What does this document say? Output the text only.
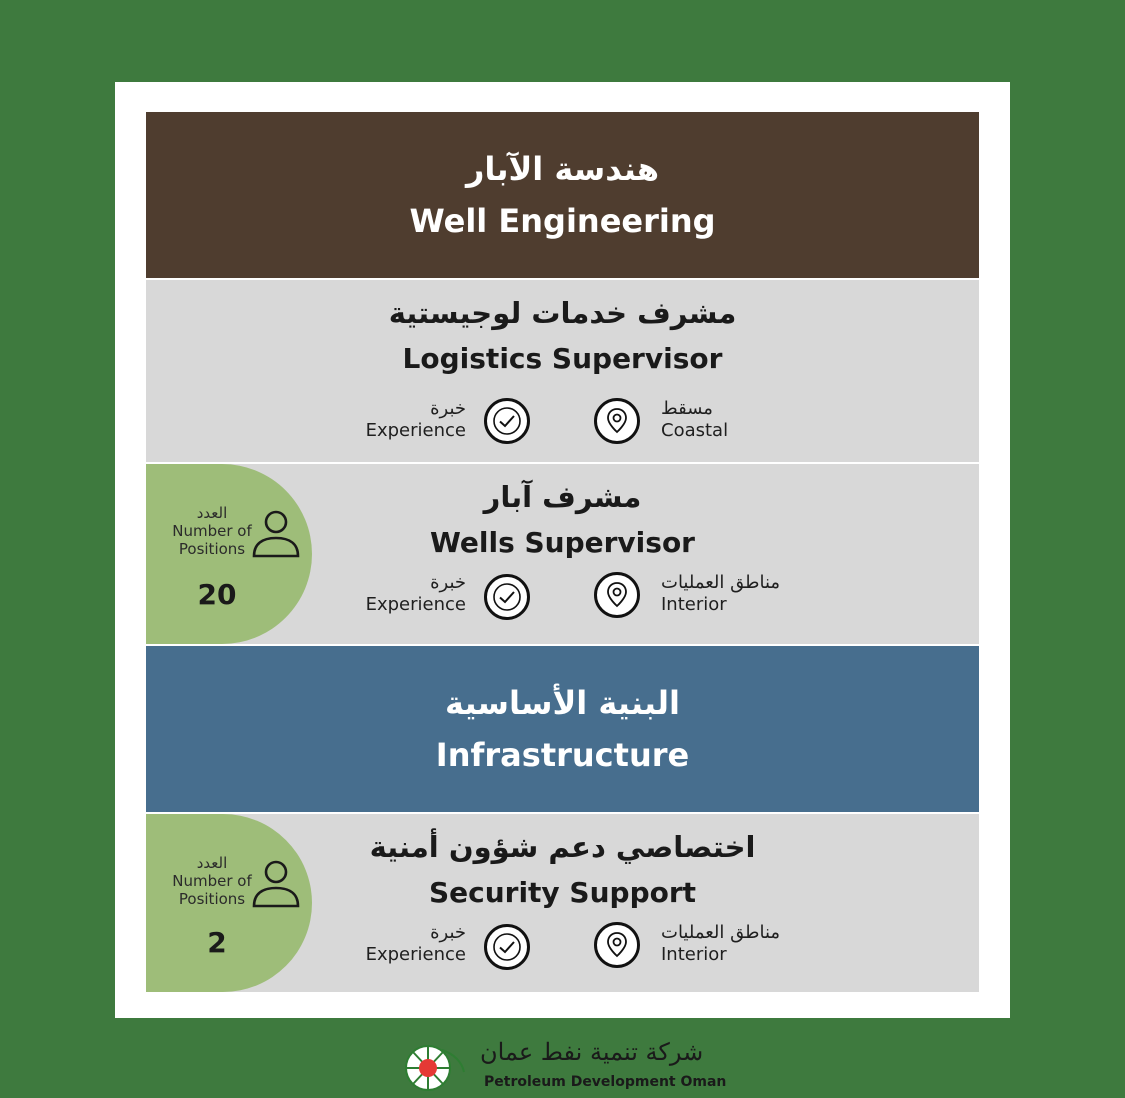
هندسة الآبار
Well Engineering
مشرف خدمات لوجيستية
Logistics Supervisor
خبرة
Experience
مسقط
Coastal
العدد
Number of
Positions
20
مشرف آبار
Wells Supervisor
خبرة
Experience
مناطق العمليات
Interior
البنية الأساسية
Infrastructure
العدد
Number of
Positions
2
اختصاصي دعم شؤون أمنية
Security Support
خبرة
Experience
مناطق العمليات
Interior
شركة تنمية نفط عمان
Petroleum Development Oman
